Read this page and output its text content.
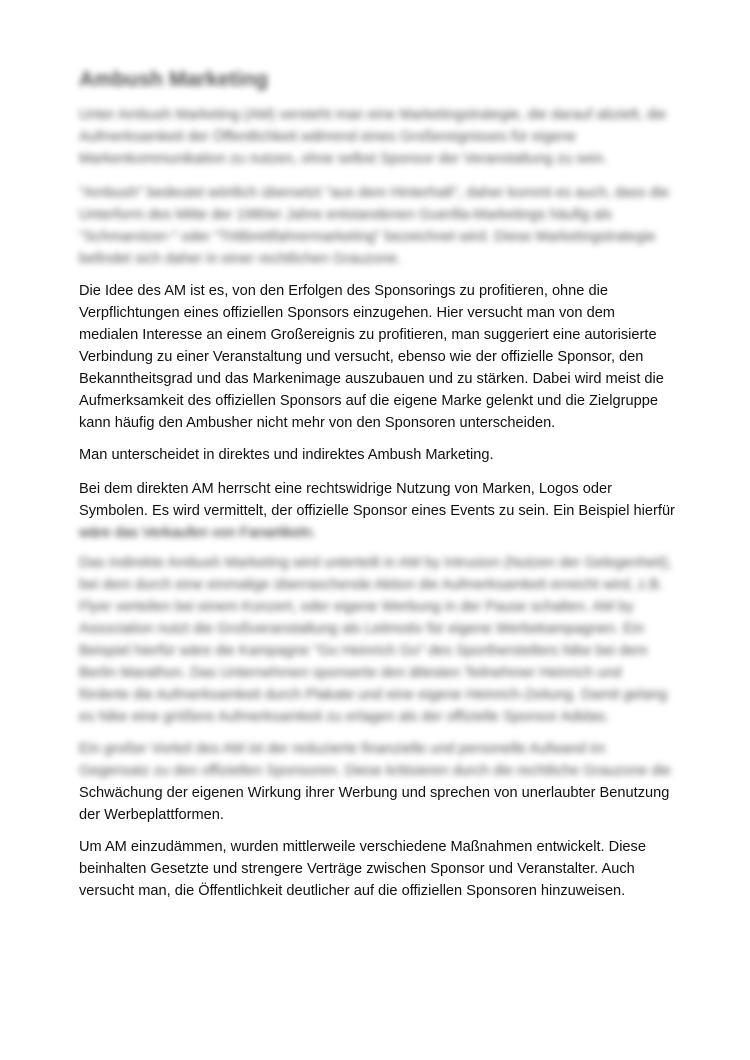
Ambush Marketing

Unter Ambush Marketing (AM) versteht man eine Marketingstrategie, die darauf abzielt, die
Aufmerksamkeit der Öffentlichkeit während eines Großereignisses für eigene
Markenkommunikation zu nutzen, ohne selbst Sponsor der Veranstaltung zu sein.

"Ambush" bedeutet wörtlich übersetzt "aus dem Hinterhalt", daher kommt es auch, dass die
Unterform des Mitte der 1980er Jahre entstandenen Guerilla-Marketings häufig als
"Schmarotzer-" oder "Trittbrettfahrermarketing" bezeichnet wird. Diese Marketingstrategie
befindet sich daher in einer rechtlichen Grauzone.

Die Idee des AM ist es, von den Erfolgen des Sponsorings zu profitieren, ohne die
Verpflichtungen eines offiziellen Sponsors einzugehen. Hier versucht man von dem
medialen Interesse an einem Großereignis zu profitieren, man suggeriert eine autorisierte
Verbindung zu einer Veranstaltung und versucht, ebenso wie der offizielle Sponsor, den
Bekanntheitsgrad und das Markenimage auszubauen und zu stärken. Dabei wird meist die
Aufmerksamkeit des offiziellen Sponsors auf die eigene Marke gelenkt und die Zielgruppe
kann häufig den Ambusher nicht mehr von den Sponsoren unterscheiden.

Man unterscheidet in direktes und indirektes Ambush Marketing.

Bei dem direkten AM herrscht eine rechtswidrige Nutzung von Marken, Logos oder
Symbolen. Es wird vermittelt, der offizielle Sponsor eines Events zu sein. Ein Beispiel hierfür
wäre das Verkaufen von Fanartikeln.

Das indirekte Ambush Marketing wird unterteilt in AM by Intrusion (Nutzen der Gelegenheit),
bei dem durch eine einmalige überraschende Aktion die Aufmerksamkeit erreicht wird, z.B.
Flyer verteilen bei einem Konzert, oder eigene Werbung in der Pause schalten. AM by
Association nutzt die Großveranstaltung als Leitmotiv für eigene Werbekampagnen. Ein
Beispiel hierfür wäre die Kampagne "Go Heinrich Go" des Sportherstellers Nike bei dem
Berlin Marathon. Das Unternehmen sponserte den ältesten Teilnehmer Heinrich und
förderte die Aufmerksamkeit durch Plakate und eine eigene Heinrich-Zeitung. Damit gelang
es Nike eine größere Aufmerksamkeit zu erlagen als der offizielle Sponsor Adidas.

Ein großer Vorteil des AM ist der reduzierte finanzielle und personelle Aufwand im
Gegensatz zu den offiziellen Sponsoren. Diese kritisieren durch die rechtliche Grauzone die

Schwächung der eigenen Wirkung ihrer Werbung und sprechen von unerlaubter Benutzung
der Werbeplattformen.

Um AM einzudämmen, wurden mittlerweile verschiedene Maßnahmen entwickelt. Diese
beinhalten Gesetzte und strengere Verträge zwischen Sponsor und Veranstalter. Auch
versucht man, die Öffentlichkeit deutlicher auf die offiziellen Sponsoren hinzuweisen.
